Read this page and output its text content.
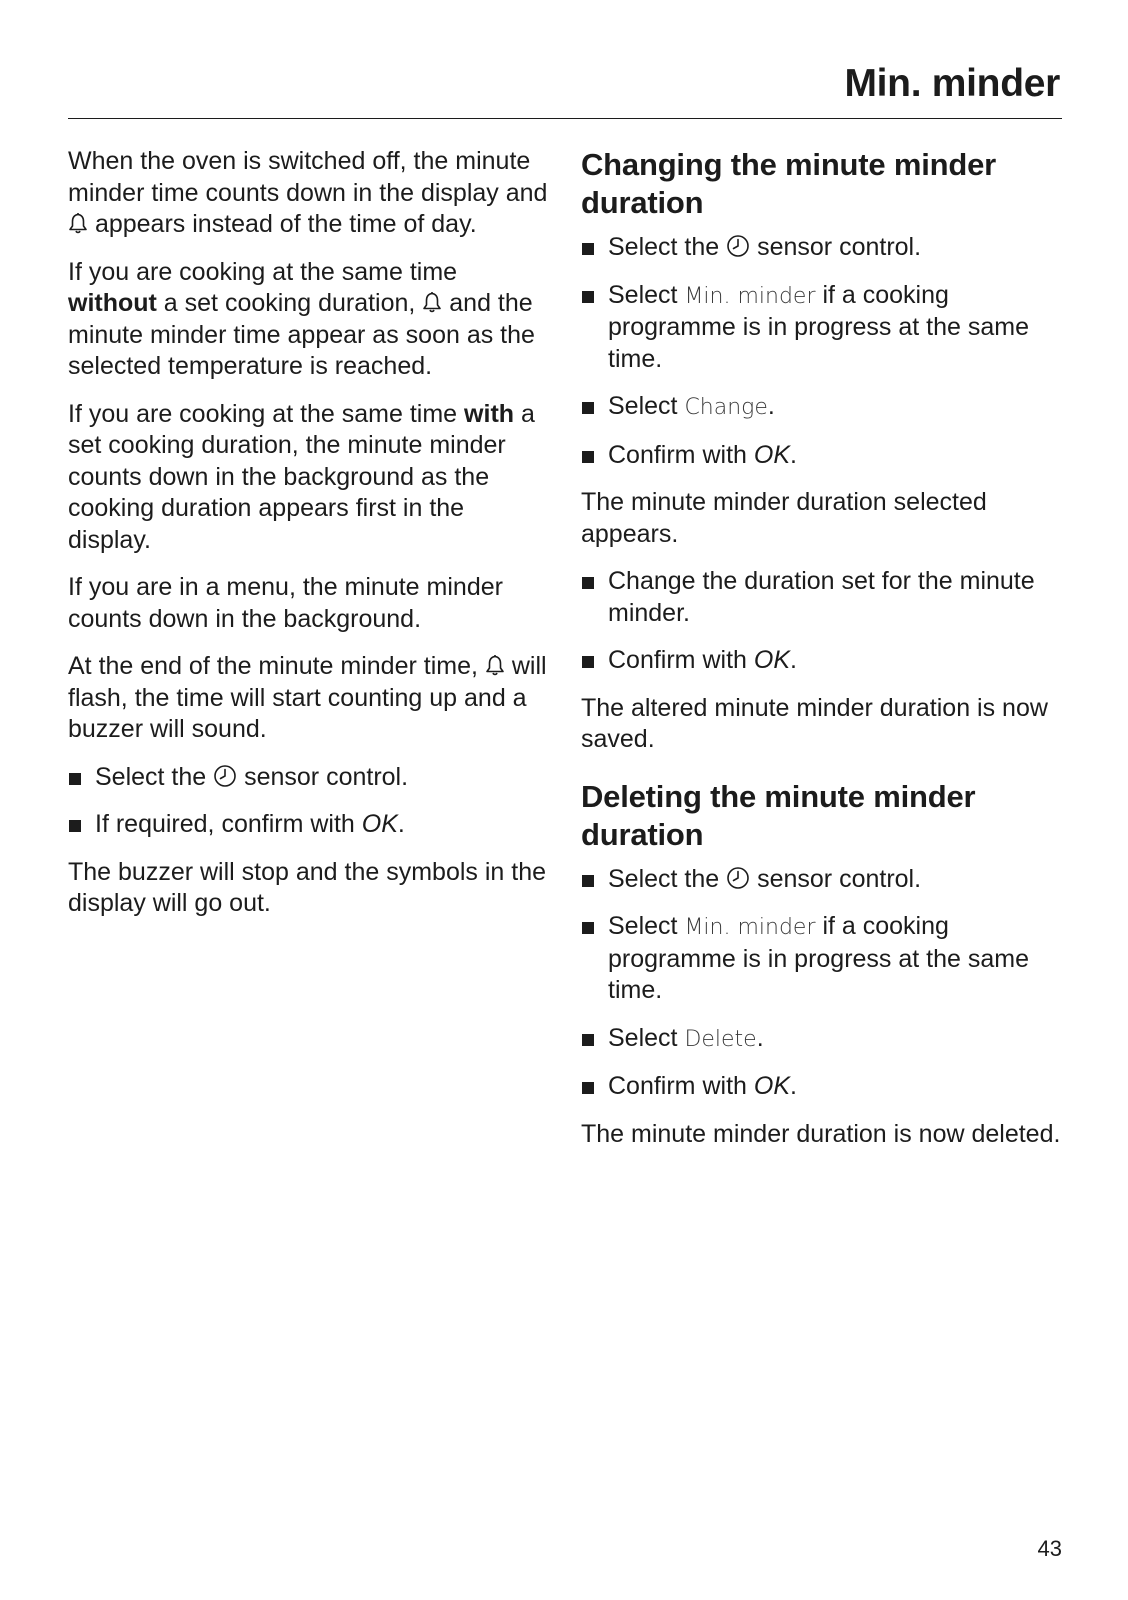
Min. minder

When the oven is switched off, the minute minder time counts down in the display and  appears instead of the time of day.

If you are cooking at the same time without a set cooking duration,  and the minute minder time appear as soon as the selected temperature is reached.

If you are cooking at the same time with a set cooking duration, the minute minder counts down in the background as the cooking duration appears first in the display.

If you are in a menu, the minute minder counts down in the background.

At the end of the minute minder time,  will flash, the time will start counting up and a buzzer will sound.

Select the  sensor control.
If required, confirm with OK.

The buzzer will stop and the symbols in the display will go out.

Changing the minute minder duration
Select the  sensor control.
Select Min. minder if a cooking programme is in progress at the same time.
Select Change.
Confirm with OK.

The minute minder duration selected appears.

Change the duration set for the minute minder.
Confirm with OK.

The altered minute minder duration is now saved.

Deleting the minute minder duration
Select the  sensor control.
Select Min. minder if a cooking programme is in progress at the same time.
Select Delete.
Confirm with OK.

The minute minder duration is now deleted.

43
